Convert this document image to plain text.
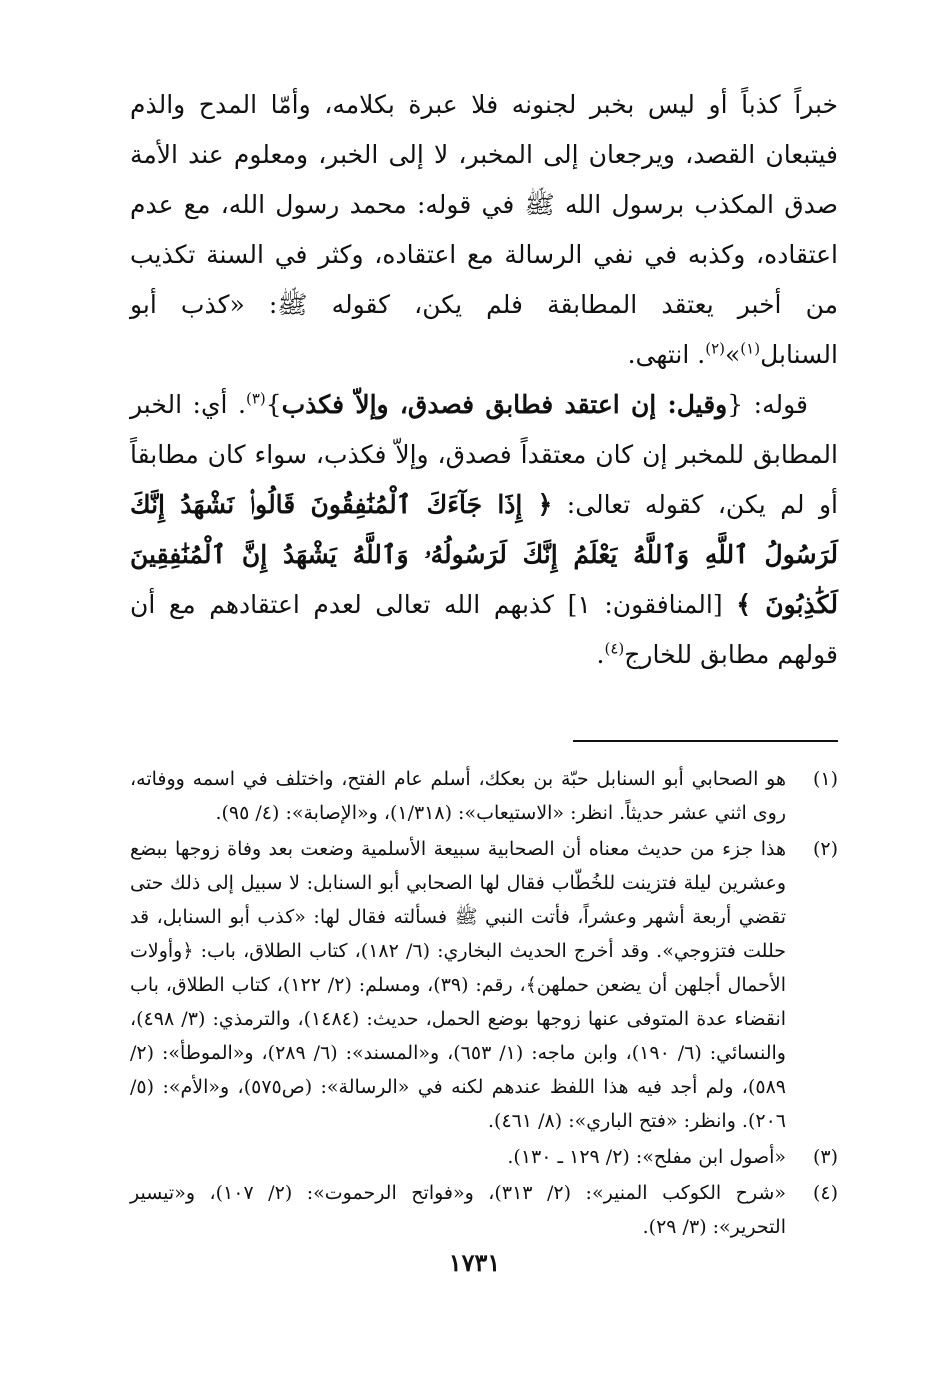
خبراً كذباً أو ليس بخبر لجنونه فلا عبرة بكلامه، وأمّا المدح والذم فيتبعان القصد، ويرجعان إلى المخبر، لا إلى الخبر، ومعلوم عند الأمة صدق المكذب برسول الله ﷺ في قوله: محمد رسول الله، مع عدم اعتقاده، وكذبه في نفي الرسالة مع اعتقاده، وكثر في السنة تكذيب من أخبر يعتقد المطابقة فلم يكن، كقوله ﷺ: «كذب أبو السنابل$^{(١)}$»$^{(٢)}$. انتهى.

قوله: {وقيل: إن اعتقد فطابق فصدق، وإلاّ فكذب}$^{(٣)}$. أي: الخبر المطابق للمخبر إن كان معتقداً فصدق، وإلاّ فكذب، سواء كان مطابقاً أو لم يكن، كقوله تعالى: ﴿ إِذَا جَآءَكَ ٱلْمُنَٰفِقُونَ قَالُوا۟ نَشْهَدُ إِنَّكَ لَرَسُولُ ٱللَّهِ وَٱللَّهُ يَعْلَمُ إِنَّكَ لَرَسُولُهُۥ وَٱللَّهُ يَشْهَدُ إِنَّ ٱلْمُنَٰفِقِينَ لَكَٰذِبُونَ ﴾ [المنافقون: ١] كذبهم الله تعالى لعدم اعتقادهم مع أن قولهم مطابق للخارج$^{(٤)}$.

(١)
هو الصحابي أبو السنابل حبّة بن بعكك، أسلم عام الفتح، واختلف في اسمه ووفاته، روى اثني عشر حديثاً. انظر: «الاستيعاب»: (١/٣١٨)، و«الإصابة»: (٤/ ٩٥).
(٢)
هذا جزء من حديث معناه أن الصحابية سبيعة الأسلمية وضعت بعد وفاة زوجها ببضع وعشرين ليلة فتزينت للخُطّاب فقال لها الصحابي أبو السنابل: لا سبيل إلى ذلك حتى تقضي أربعة أشهر وعشراً، فأتت النبي ﷺ فسألته فقال لها: «كذب أبو السنابل، قد حللت فتزوجي». وقد أخرج الحديث البخاري: (٦/ ١٨٢)، كتاب الطلاق، باب: ﴿وأولات الأحمال أجلهن أن يضعن حملهن﴾، رقم: (٣٩)، ومسلم: (٢/ ١٢٢)، كتاب الطلاق، باب انقضاء عدة المتوفى عنها زوجها بوضع الحمل، حديث: (١٤٨٤)، والترمذي: (٣/ ٤٩٨)، والنسائي: (٦/ ١٩٠)، وابن ماجه: (١/ ٦٥٣)، و«المسند»: (٦/ ٢٨٩)، و«الموطأ»: (٢/ ٥٨٩)، ولم أجد فيه هذا اللفظ عندهم لكنه في «الرسالة»: (ص٥٧٥)، و«الأم»: (٥/ ٢٠٦). وانظر: «فتح الباري»: (٨/ ٤٦١).
(٣)
«أصول ابن مفلح»: (٢/ ١٢٩ ـ ١٣٠).
(٤)
«شرح الكوكب المنير»: (٢/ ٣١٣)، و«فواتح الرحموت»: (٢/ ١٠٧)، و«تيسير التحرير»: (٣/ ٢٩).
١٧٣١
